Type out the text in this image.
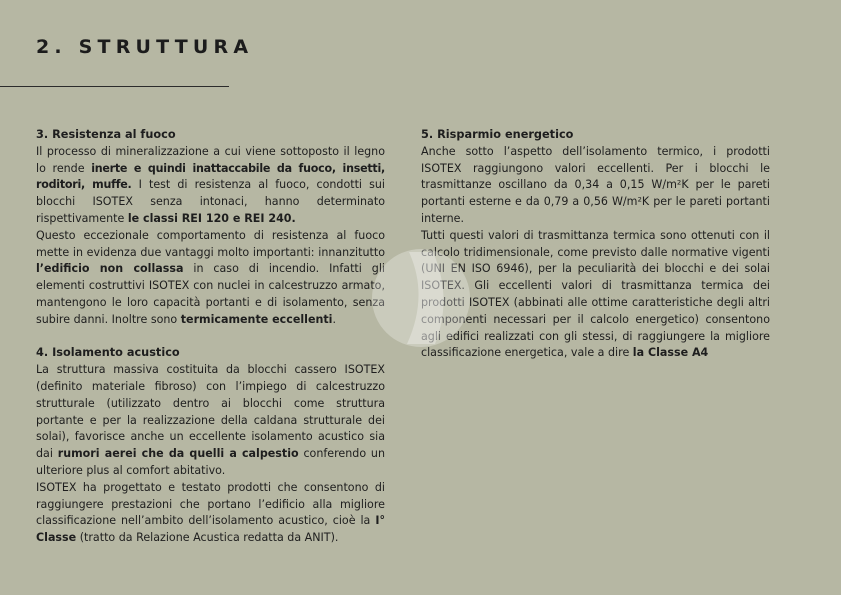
2. STRUTTURA
3. Resistenza al fuoco

Il processo di mineralizzazione a cui viene sottoposto il legno lo rende inerte e quindi inattaccabile da fuoco, insetti, roditori, muffe. I test di resistenza al fuoco, condotti sui blocchi ISOTEX senza intonaci, hanno determinato rispettivamente le classi REI 120 e REI 240.

Questo eccezionale comportamento di resistenza al fuoco mette in evidenza due vantaggi molto importanti: innanzitutto l’edificio non collassa in caso di incendio. Infatti gli elementi costruttivi ISOTEX con nuclei in calcestruzzo armato, mantengono le loro capacità portanti e di isolamento, senza subire danni. Inoltre sono termicamente eccellenti.

4. Isolamento acustico

La struttura massiva costituita da blocchi cassero ISOTEX (definito materiale fibroso) con l’impiego di calcestruzzo strutturale (utilizzato dentro ai blocchi come struttura portante e per la realizzazione della caldana strutturale dei solai), favorisce anche un eccellente isolamento acustico sia dai rumori aerei che da quelli a calpestio conferendo un ulteriore plus al comfort abitativo.

ISOTEX ha progettato e testato prodotti che consentono di raggiungere prestazioni che portano l’edificio alla migliore classificazione nell’ambito dell’isolamento acustico, cioè la I° Classe (tratto da Relazione Acustica redatta da ANIT).

5. Risparmio energetico

Anche sotto l’aspetto dell’isolamento termico, i prodotti ISOTEX raggiungono valori eccellenti. Per i blocchi le trasmittanze oscillano da 0,34 a 0,15 W/m²K per le pareti portanti esterne e da 0,79 a 0,56 W/m²K per le pareti portanti interne.

Tutti questi valori di trasmittanza termica sono ottenuti con il calcolo tridimensionale, come previsto dalle normative vigenti (UNI EN ISO 6946), per la peculiarità dei blocchi e dei solai ISOTEX. Gli eccellenti valori di trasmittanza termica dei prodotti ISOTEX (abbinati alle ottime caratteristiche degli altri componenti necessari per il calcolo energetico) consentono agli edifici realizzati con gli stessi, di raggiungere la migliore classificazione energetica, vale a dire la Classe A4
